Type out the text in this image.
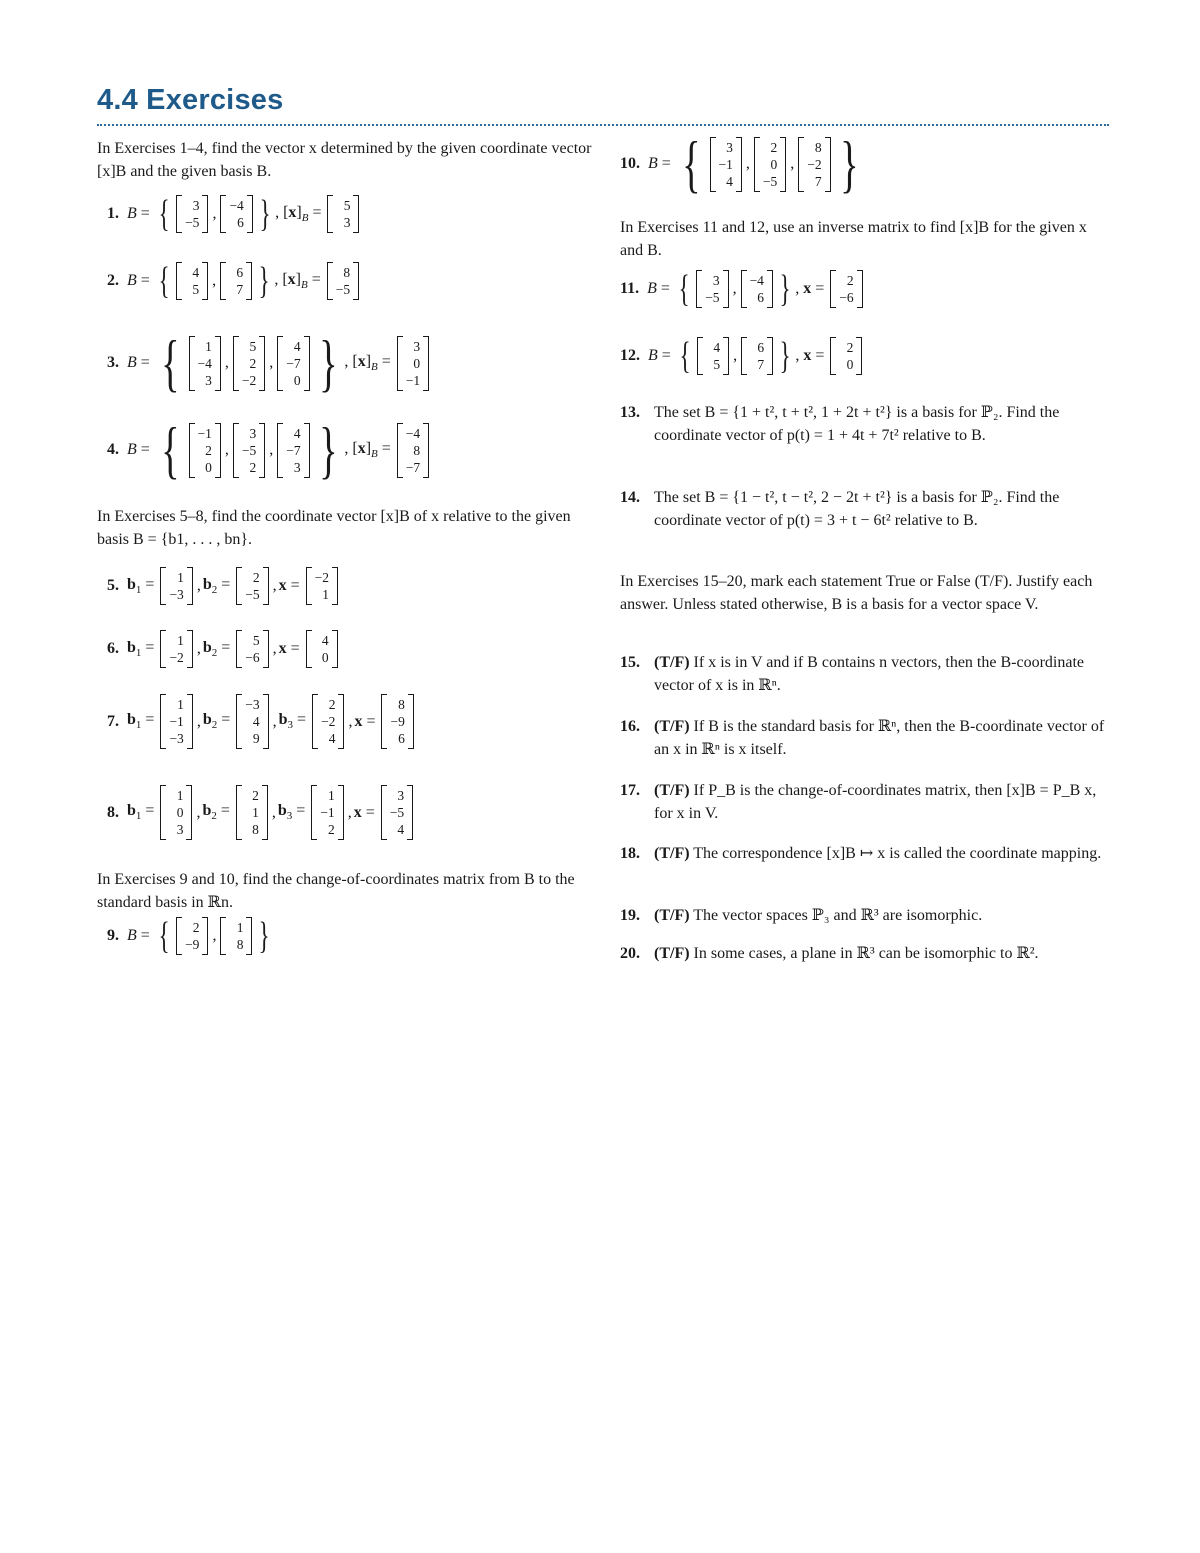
4.4 Exercises

In Exercises 1–4, find the vector x determined by the given coordinate vector [x]B and the given basis B.

1. B = {	3
−5
, −4
6 } , $[x]_B$ =	5
3
2. B = {	4
5
,	6
7 } , $[x]_B$ =	8
−5
3. B = {	1
−4
3
,
5
2
−2
,
4
−7
0 } , $[x]_B$ =
3
0
−1
4. B = { −1
2
0
,
3
−5
2
,
4
−7
3 } , $[x]_B$ =
−4
8
−7

In Exercises 5–8, find the coordinate vector [x]B of x relative to the given basis B = {b1, . . . , bn}.

5. $b_1$ =	1
−3
, $b_2$ =	2
−5
, x = −2
1
6. $b_1$ =	1
−2
, $b_2$ =	5
−6
, x =	4
0
7. $b_1$ =
1
−1
−3
, $b_2$ =
−3
4
9
, $b_3$ =
2
−2
4
, x =
8
−9
6
8. $b_1$ =
1
0
3
, $b_2$ =
2
1
8
, $b_3$ =
1
−1
2
, x =
3
−5
4

In Exercises 9 and 10, find the change-of-coordinates matrix from B to the standard basis in ℝn.

9. B = {	2
−9
,	1
8 }
10. B = {	3
−1
4
,
2
0
−5
,
8
−2
7 }

In Exercises 11 and 12, use an inverse matrix to find [x]B for the given x and B.

11. B = {	3
−5
, −4
6 } , x =	2
−6
12. B = {	4
5
,	6
7 } , x =	2
0
13. The set B = {1 + t², t + t², 1 + 2t + t²} is a basis for ℙ₂. Find the coordinate vector of p(t) = 1 + 4t + 7t² relative to B.
14. The set B = {1 − t², t − t², 2 − 2t + t²} is a basis for ℙ₂. Find the coordinate vector of p(t) = 3 + t − 6t² relative to B.

In Exercises 15–20, mark each statement True or False (T/F). Justify each answer. Unless stated otherwise, B is a basis for a vector space V.

15. (T/F) If x is in V and if B contains n vectors, then the B-coordinate vector of x is in ℝⁿ.
16. (T/F) If B is the standard basis for ℝⁿ, then the B-coordinate vector of an x in ℝⁿ is x itself.
17. (T/F) If P_B is the change-of-coordinates matrix, then [x]B = P_B x, for x in V.
18. (T/F) The correspondence [x]B ↦ x is called the coordinate mapping.
19. (T/F) The vector spaces ℙ₃ and ℝ³ are isomorphic.
20. (T/F) In some cases, a plane in ℝ³ can be isomorphic to ℝ².
